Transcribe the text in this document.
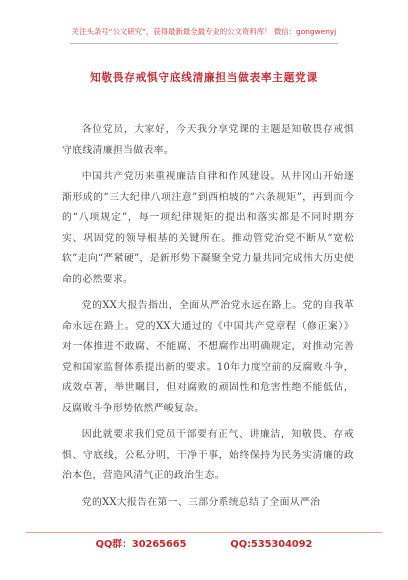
关注头条号“公文研究”，获得最新最全最专业的公文资料库！ 微信：gongwenyj
知敬畏存戒惧守底线清廉担当做表率主题党课

各位党员，大家好，今天我分享党课的主题是知敬畏存戒惧守底线清廉担当做表率。

中国共产党历来重视廉洁自律和作风建设。从井冈山开始逐渐形成的“三大纪律八项注意”到西柏坡的“六条规矩”，再到而今的“八项规定”，每一项纪律规矩的提出和落实都是不同时期夯实、巩固党的领导根基的关键所在。推动管党治党不断从“宽松软”走向“严紧硬”，是新形势下凝聚全党力量共同完成伟大历史使命的必然要求。

党的XX大报告指出，全面从严治党永远在路上。党的自我革命永远在路上。党的XX大通过的《中国共产党章程（修正案）》对一体推进不敢腐、不能腐、不想腐作出明确规定，对推动完善党和国家监督体系提出新的要求。10年力度空前的反腐败斗争，成效卓著，举世瞩目，但对腐败的顽固性和危害性绝不能低估，反腐败斗争形势依然严峻复杂。

因此就要求我们党员干部要有正气、讲廉洁，知敬畏、存戒惧、守底线，公私分明，干净干事，始终保持为民务实清廉的政治本色，营造风清气正的政治生态。

党的XX大报告在第一、三部分系统总结了全面从严治

QQ群：30265665	QQ:535304092
